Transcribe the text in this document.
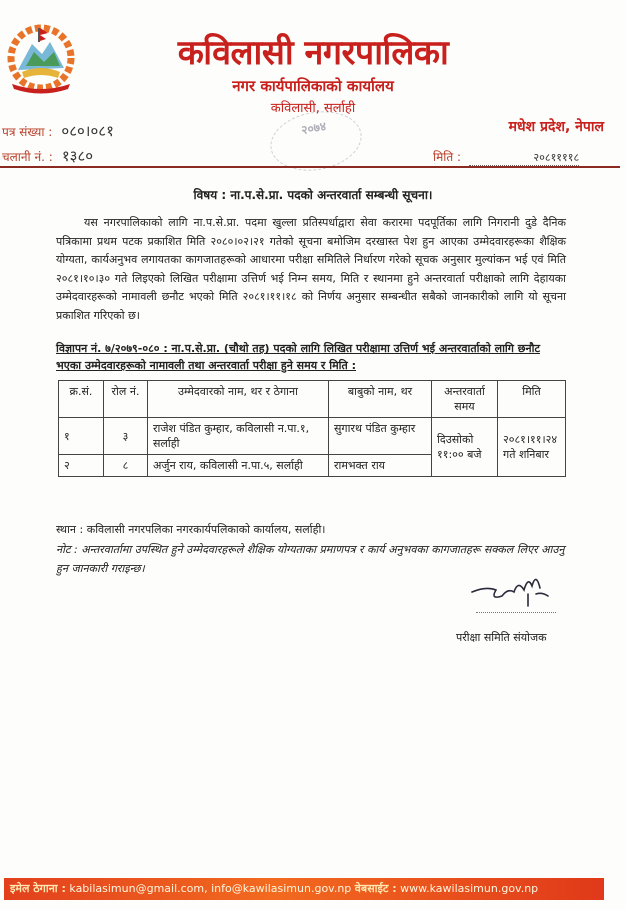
कविलासी नगरपालिका
नगर कार्यपालिकाको कार्यालय
कविलासी, सर्लाही
पत्र संख्या : ०८०।०८१
चलानी नं. : १३८०
२०७४	मधेश प्रदेश, नेपाल
मिति :	२०८११११८
विषय : ना.प.से.प्रा. पदको अन्तरवार्ता सम्बन्धी सूचना।
यस नगरपालिकाको लागि ना.प.से.प्रा. पदमा खुल्ला प्रतिस्पर्धाद्वारा सेवा करारमा पदपूर्तिका लागि निगरानी दुडे दैनिक पत्रिकामा प्रथम पटक प्रकाशित मिति २०८०।०२।२१ गतेको सूचना बमोजिम दरखास्त पेश हुन आएका उम्मेदवारहरूका शैक्षिक योग्यता, कार्यअनुभव लगायतका कागजातहरूको आधारमा परीक्षा समितिले निर्धारण गरेको सूचक अनुसार मुल्यांकन भई एवं मिति २०८१।१०।३० गते लिइएको लिखित परीक्षामा उत्तिर्ण भई निम्न समय, मिति र स्थानमा हुने अन्तरवार्ता परीक्षाको लागि देहायका उम्मेदवारहरूको नामावली छनौट भएको मिति २०८१।११।१८ को निर्णय अनुसार सम्बन्धीत सबैको जानकारीको लागि यो सूचना प्रकाशित गरिएको छ।
विज्ञापन नं. ७/२०७९-०८० : ना.प.से.प्रा. (चौथो तह) पदको लागि लिखित परीक्षामा उत्तिर्ण भई अन्तरवार्ताको लागि छनौट भएका उम्मेदवारहरूको नामावली तथा अन्तरवार्ता परीक्षा हुने समय र मिति :
क्र.सं.	रोल नं.	उम्मेदवारको नाम, थर र ठेगाना	बाबुको नाम, थर	अन्तरवार्ता समय	मिति
१	३	राजेश पंडित कुम्हार, कविलासी न.पा.१, सर्लाही	सुगारथ पंडित कुम्हार	दिउसोको ११:०० बजे	२०८१।११।२४ गते शनिबार
२	८	अर्जुन राय, कविलासी न.पा.५, सर्लाही	रामभक्त राय		
स्थान : कविलासी नगरपलिका नगरकार्यपलिकाको कार्यालय, सर्लाही।
नोट : अन्तरवार्तामा उपस्थित हुने उम्मेदवारहरूले शैक्षिक योग्यताका प्रमाणपत्र र कार्य अनुभवका कागजातहरू सक्कल लिएर आउनु हुन जानकारी गराइन्छ।
परीक्षा समिति संयोजक
इमेल ठेगाना : kabilasimun@gmail.com, info@kawilasimun.gov.np वेबसाईट : www.kawilasimun.gov.np
